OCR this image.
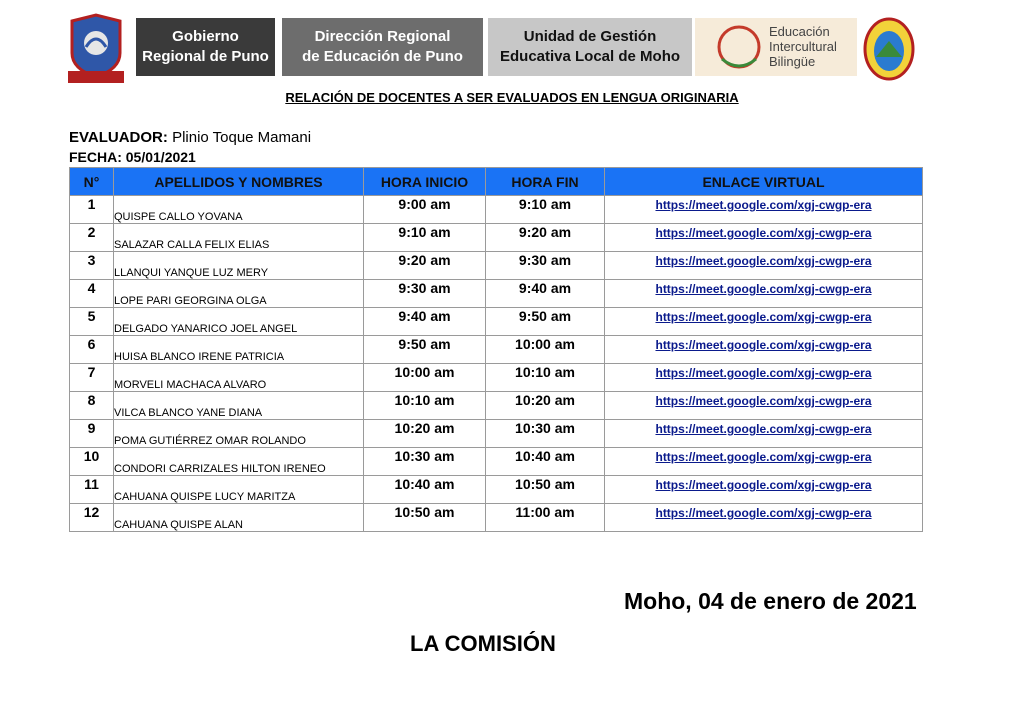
Gobierno
Regional de Puno
Dirección Regional
de Educación de Puno
Unidad de Gestión
Educativa Local de Moho
Educación
Intercultural
Bilingüe
RELACIÓN DE DOCENTES A SER EVALUADOS EN LENGUA ORIGINARIA
EVALUADOR: Plinio Toque Mamani
FECHA: 05/01/2021
N°	APELLIDOS Y NOMBRES	HORA INICIO	HORA FIN	ENLACE VIRTUAL
1	QUISPE CALLO YOVANA	9:00 am	9:10 am	https://meet.google.com/xgj-cwgp-era
2	SALAZAR CALLA FELIX ELIAS	9:10 am	9:20 am	https://meet.google.com/xgj-cwgp-era
3	LLANQUI YANQUE LUZ MERY	9:20 am	9:30 am	https://meet.google.com/xgj-cwgp-era
4	LOPE PARI GEORGINA OLGA	9:30 am	9:40 am	https://meet.google.com/xgj-cwgp-era
5	DELGADO YANARICO JOEL ANGEL	9:40 am	9:50 am	https://meet.google.com/xgj-cwgp-era
6	HUISA BLANCO IRENE PATRICIA	9:50 am	10:00 am	https://meet.google.com/xgj-cwgp-era
7	MORVELI MACHACA ALVARO	10:00 am	10:10 am	https://meet.google.com/xgj-cwgp-era
8	VILCA BLANCO YANE DIANA	10:10 am	10:20 am	https://meet.google.com/xgj-cwgp-era
9	POMA GUTIÉRREZ OMAR ROLANDO	10:20 am	10:30 am	https://meet.google.com/xgj-cwgp-era
10	CONDORI CARRIZALES HILTON IRENEO	10:30 am	10:40 am	https://meet.google.com/xgj-cwgp-era
11	CAHUANA QUISPE LUCY MARITZA	10:40 am	10:50 am	https://meet.google.com/xgj-cwgp-era
12	CAHUANA QUISPE ALAN	10:50 am	11:00 am	https://meet.google.com/xgj-cwgp-era
Moho, 04 de enero de 2021
LA COMISIÓN
